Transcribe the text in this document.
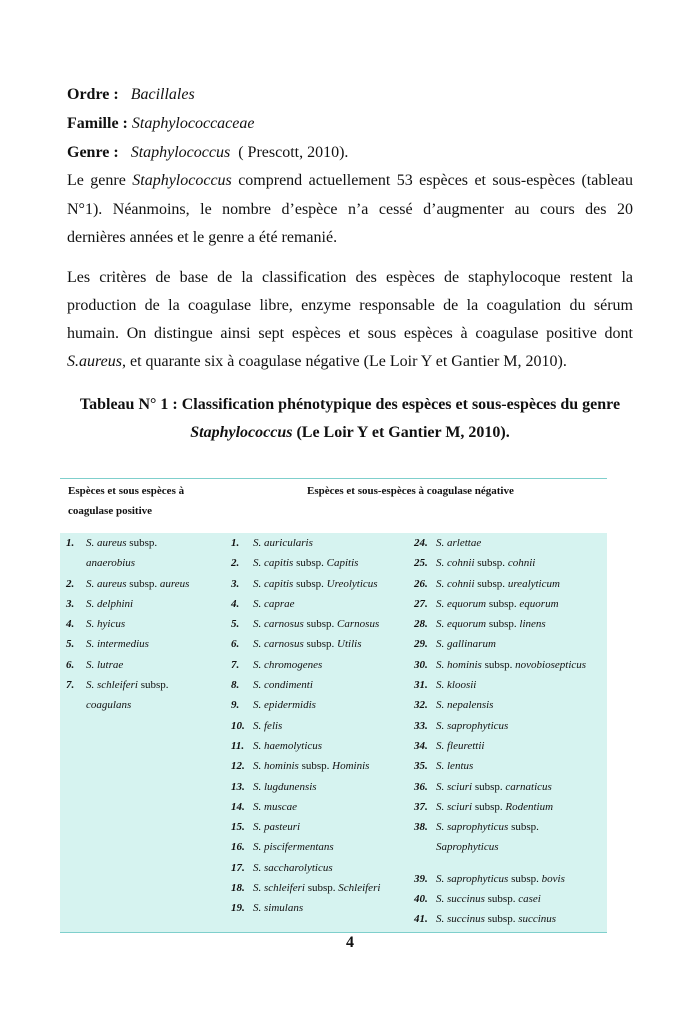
Ordre : Bacillales
Famille : Staphylococcaceae
Genre : Staphylococcus ( Prescott, 2010).
Le genre Staphylococcus comprend actuellement 53 espèces et sous-espèces (tableau
N°1). Néanmoins, le nombre d’espèce n’a cessé d’augmenter au cours des 20
dernières années et le genre a été remanié.
Les critères de base de la classification des espèces de staphylocoque restent la
production de la coagulase libre, enzyme responsable de la coagulation du sérum
humain. On distingue ainsi sept espèces et sous espèces à coagulase positive dont
S.aureus, et quarante six à coagulase négative (Le Loir Y et Gantier M, 2010).
Tableau N° 1 : Classification phénotypique des espèces et sous-espèces du genre
Staphylococcus (Le Loir Y et Gantier M, 2010).
Espèces et sous espèces à
coagulase positive
Espèces et sous-espèces à coagulase négative
1.	S. aureus subsp.
anaerobius
2.	S. aureus subsp. aureus
3.	S. delphini
4.	S. hyicus
5.	S. intermedius
6.	S. lutrae
7.	S. schleiferi subsp.
coagulans
1.	S. auricularis
2.	S. capitis subsp. Capitis
3.	S. capitis subsp. Ureolyticus
4.	S. caprae
5.	S. carnosus subsp. Carnosus
6.	S. carnosus subsp. Utilis
7.	S. chromogenes
8.	S. condimenti
9.	S. epidermidis
10. S. felis
11. S. haemolyticus
12. S. hominis subsp. Hominis
13. S. lugdunensis
14. S. muscae
15. S. pasteuri
16. S. piscifermentans
17. S. saccharolyticus
18. S. schleiferi subsp. Schleiferi
19. S. simulans
24. S. arlettae
25. S. cohnii subsp. cohnii
26. S. cohnii subsp. urealyticum
27. S. equorum subsp. equorum
28. S. equorum subsp. linens
29. S. gallinarum
30. S. hominis subsp. novobiosepticus
31. S. kloosii
32. S. nepalensis
33. S. saprophyticus
34. S. fleurettii
35. S. lentus
36. S. sciuri subsp. carnaticus
37. S. sciuri subsp. Rodentium
38. S. saprophyticus subsp.
Saprophyticus
39. S. saprophyticus subsp. bovis
40. S. succinus subsp. casei
41. S. succinus subsp. succinus
4
